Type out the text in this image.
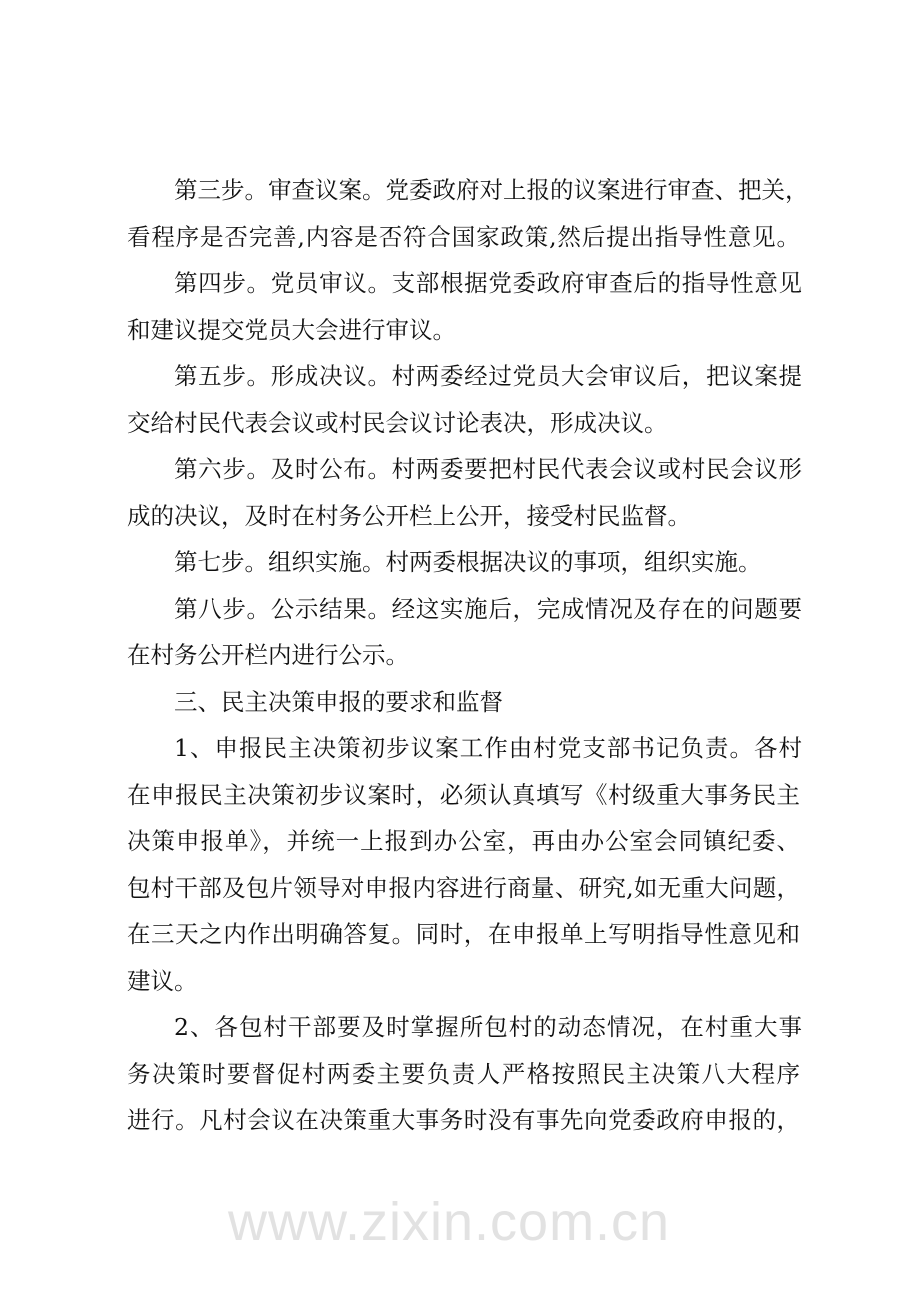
www.zixin.com.cn
第三步。审查议案。党委政府对上报的议案进行审查、把关，
看程序是否完善,内容是否符合国家政策,然后提出指导性意见。
第四步。党员审议。支部根据党委政府审查后的指导性意见
和建议提交党员大会进行审议。
第五步。形成决议。村两委经过党员大会审议后，把议案提
交给村民代表会议或村民会议讨论表决，形成决议。
第六步。及时公布。村两委要把村民代表会议或村民会议形
成的决议，及时在村务公开栏上公开，接受村民监督。
第七步。组织实施。村两委根据决议的事项，组织实施。
第八步。公示结果。经这实施后，完成情况及存在的问题要
在村务公开栏内进行公示。
三、民主决策申报的要求和监督
1、申报民主决策初步议案工作由村党支部书记负责。各村
在申报民主决策初步议案时，必须认真填写《村级重大事务民主
决策申报单》，并统一上报到办公室，再由办公室会同镇纪委、
包村干部及包片领导对申报内容进行商量、研究,如无重大问题，
在三天之内作出明确答复。同时，在申报单上写明指导性意见和
建议。
2、各包村干部要及时掌握所包村的动态情况，在村重大事
务决策时要督促村两委主要负责人严格按照民主决策八大程序
进行。凡村会议在决策重大事务时没有事先向党委政府申报的，
